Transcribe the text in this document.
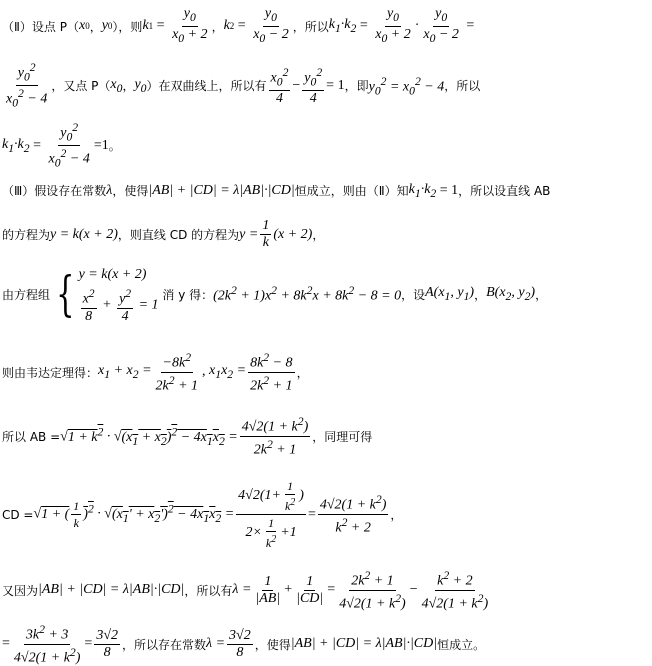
（Ⅱ）设点 P（ x 0 ， y 0 ），则 k $1 = \frac{y_0}{x_0 + 2}$ ， k $2 = \frac{y_0}{x_0 - 2}$ ，所以 $k_1\cdot k_2 = \frac{y_0}{x_0 + 2} \cdot \frac{y_0}{x_0 - 2}$ =
$\frac{y_0^2}{x_0^2 - 4}$ ，又点 P（ $x_0$ ， $y_0$ ）在双曲线上，所以有 $\frac{x_0^2}{4} - \frac{y_0^2}{4} = 1$ ，即 $y_0^2 = x_0^2 - 4$ ，所以
$k_1\cdot k_2 = \frac{y_0^2}{x_0^2 - 4} =1$ 。
（Ⅲ）假设存在常数 λ ，使得 |AB| + |CD| = λ|AB|·|CD| 恒成立，则由（Ⅱ）知 $k_1\cdot k_2 = 1$ ，所以设直线 AB
的方程为 y = k(x + 2) ，则直线 CD 的方程为 $y = \frac{1}{k} (x + 2)$ ，
由方程组 { y = k(x + 2)
$\frac{x^2}{8} + \frac{y^2}{4} = 1$
消 y 得： $(2k^2 + 1)x^2 + 8k^2x + 8k^2 - 8 = 0$ ，设 $A(x_1$, $y_1$) ， $B(x_2$, $y_2$) ，
则由韦达定理得： $x_1 + x_2 = \frac{-8k^2}{2k^2 + 1}$ , $x_1x_2 = \frac{8k^2 - 8}{2k^2 + 1}$ ，
所以 AB = $√1 + k^2 \cdot √(x_1 + x_2)^2 - 4x_1x_2 = \frac{4√2(1 + k^2)}{2k^2 + 1}$ ，同理可得
CD = √1 + ( $\frac{1}{k} )^2 \cdot √(x_1' + x_2')^2 - 4x_1x_2 = \frac{4√2(1+ \frac{1}{k^2} )}{2\times \frac{1}{k^2} +1} = \frac{4√2(1 + k^2)}{k^2 + 2}$ ，
又因为 |AB| + |CD| = λ|AB|·|CD| ，所以有 $\lambda = \frac{1}{|AB|} + \frac{1}{|CD|} = \frac{2k^2 + 1}{4√2(1 + k^2)} - \frac{k^2 + 2}{4√2(1 + k^2)}$
= $\frac{3k^2 + 3}{4√2(1 + k^2)} = \frac{3√2}{8}$ ，所以存在常数 $\lambda = \frac{3√2}{8}$ ，使得 |AB| + |CD| = λ|AB|·|CD| 恒成立。
